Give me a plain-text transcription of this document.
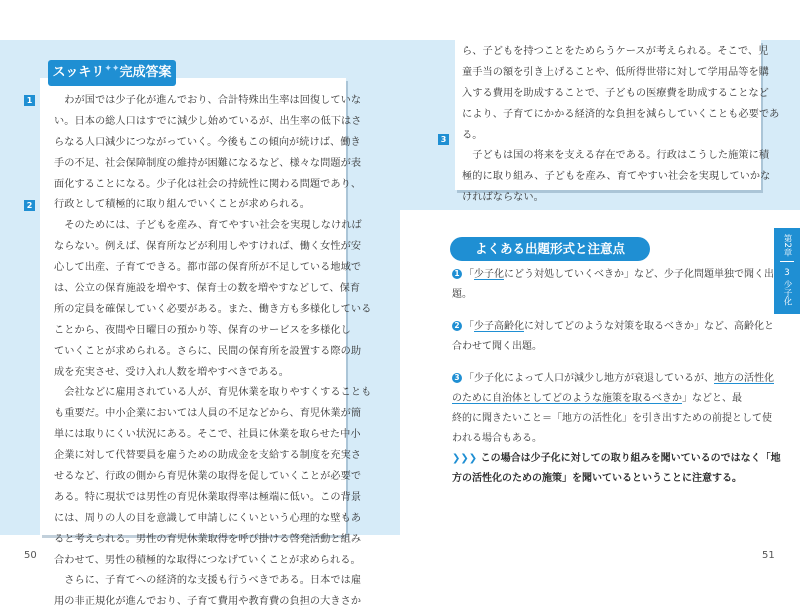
スッキリ✦✦完成答案
1
2
　わが国では少子化が進んでおり、合計特殊出生率は回復していな
い。日本の総人口はすでに減少し始めているが、出生率の低下はさ
らなる人口減少につながっていく。今後もこの傾向が続けば、働き
手の不足、社会保障制度の維持が困難になるなど、様々な問題が表
面化することになる。少子化は社会の持続性に関わる問題であり、
行政として積極的に取り組んでいくことが求められる。
　そのためには、子どもを産み、育てやすい社会を実現しなければ
ならない。例えば、保育所などが利用しやすければ、働く女性が安
心して出産、子育てできる。都市部の保育所が不足している地域で
は、公立の保育施設を増やす、保育士の数を増やすなどして、保育
所の定員を確保していく必要がある。また、働き方も多様化している
ことから、夜間や日曜日の預かり等、保育のサービスを多様化し
ていくことが求められる。さらに、民間の保育所を設置する際の助
成を充実させ、受け入れ人数を増やすべきである。
　会社などに雇用されている人が、育児休業を取りやすくすることも
も重要だ。中小企業においては人員の不足などから、育児休業が簡
単には取りにくい状況にある。そこで、社員に休業を取らせた中小
企業に対して代替要員を雇うための助成金を支給する制度を充実さ
せるなど、行政の側から育児休業の取得を促していくことが必要で
ある。特に現状では男性の育児休業取得率は極端に低い。この背景
には、周りの人の目を意識して申請しにくいという心理的な壁もあ
ると考えられる。男性の育児休業取得を呼び掛ける啓発活動と組み
合わせて、男性の積極的な取得につなげていくことが求められる。
　さらに、子育てへの経済的な支援も行うべきである。日本では雇
用の非正規化が進んでおり、子育て費用や教育費の負担の大きさか
50
3
ら、子どもを持つことをためらうケースが考えられる。そこで、児
童手当の額を引き上げることや、低所得世帯に対して学用品等を購
入する費用を助成することで、子どもの医療費を助成することなど
により、子育てにかかる経済的な負担を減らしていくことも必要であ
る。
　子どもは国の将来を支える存在である。行政はこうした施策に積
極的に取り組み、子どもを産み、育てやすい社会を実現していかな
ければならない。
よくある出題形式と注意点
1 「少子化にどう対処していくべきか」など、少子化問題単独で聞く出
題。
2 「少子高齢化に対してどのような対策を取るべきか」など、高齢化と
合わせて聞く出題。
3 「少子化によって人口が減少し地方が衰退しているが、地方の活性化
のために自治体としてどのような施策を取るべきか」などと、最
終的に聞きたいこと＝「地方の活性化」を引き出すための前提として使
われる場合もある。
❯❯❯ この場合は少子化に対しての取り組みを聞いているのではなく「地
方の活性化のための施策」を聞いているということに注意する。
第2章
3
少子化
51
